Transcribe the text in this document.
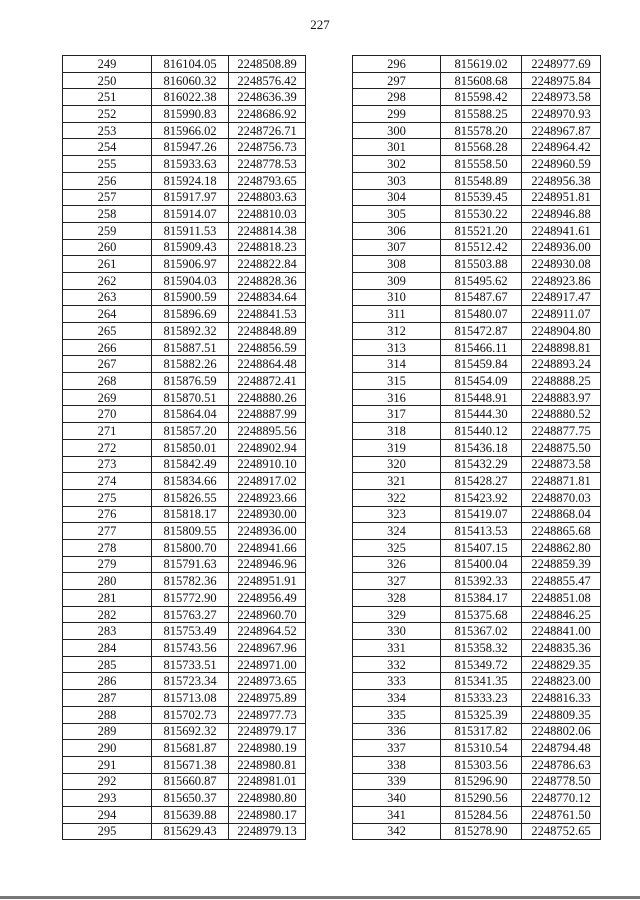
227
249	816104.05	2248508.89
250	816060.32	2248576.42
251	816022.38	2248636.39
252	815990.83	2248686.92
253	815966.02	2248726.71
254	815947.26	2248756.73
255	815933.63	2248778.53
256	815924.18	2248793.65
257	815917.97	2248803.63
258	815914.07	2248810.03
259	815911.53	2248814.38
260	815909.43	2248818.23
261	815906.97	2248822.84
262	815904.03	2248828.36
263	815900.59	2248834.64
264	815896.69	2248841.53
265	815892.32	2248848.89
266	815887.51	2248856.59
267	815882.26	2248864.48
268	815876.59	2248872.41
269	815870.51	2248880.26
270	815864.04	2248887.99
271	815857.20	2248895.56
272	815850.01	2248902.94
273	815842.49	2248910.10
274	815834.66	2248917.02
275	815826.55	2248923.66
276	815818.17	2248930.00
277	815809.55	2248936.00
278	815800.70	2248941.66
279	815791.63	2248946.96
280	815782.36	2248951.91
281	815772.90	2248956.49
282	815763.27	2248960.70
283	815753.49	2248964.52
284	815743.56	2248967.96
285	815733.51	2248971.00
286	815723.34	2248973.65
287	815713.08	2248975.89
288	815702.73	2248977.73
289	815692.32	2248979.17
290	815681.87	2248980.19
291	815671.38	2248980.81
292	815660.87	2248981.01
293	815650.37	2248980.80
294	815639.88	2248980.17
295	815629.43	2248979.13
296	815619.02	2248977.69
297	815608.68	2248975.84
298	815598.42	2248973.58
299	815588.25	2248970.93
300	815578.20	2248967.87
301	815568.28	2248964.42
302	815558.50	2248960.59
303	815548.89	2248956.38
304	815539.45	2248951.81
305	815530.22	2248946.88
306	815521.20	2248941.61
307	815512.42	2248936.00
308	815503.88	2248930.08
309	815495.62	2248923.86
310	815487.67	2248917.47
311	815480.07	2248911.07
312	815472.87	2248904.80
313	815466.11	2248898.81
314	815459.84	2248893.24
315	815454.09	2248888.25
316	815448.91	2248883.97
317	815444.30	2248880.52
318	815440.12	2248877.75
319	815436.18	2248875.50
320	815432.29	2248873.58
321	815428.27	2248871.81
322	815423.92	2248870.03
323	815419.07	2248868.04
324	815413.53	2248865.68
325	815407.15	2248862.80
326	815400.04	2248859.39
327	815392.33	2248855.47
328	815384.17	2248851.08
329	815375.68	2248846.25
330	815367.02	2248841.00
331	815358.32	2248835.36
332	815349.72	2248829.35
333	815341.35	2248823.00
334	815333.23	2248816.33
335	815325.39	2248809.35
336	815317.82	2248802.06
337	815310.54	2248794.48
338	815303.56	2248786.63
339	815296.90	2248778.50
340	815290.56	2248770.12
341	815284.56	2248761.50
342	815278.90	2248752.65
